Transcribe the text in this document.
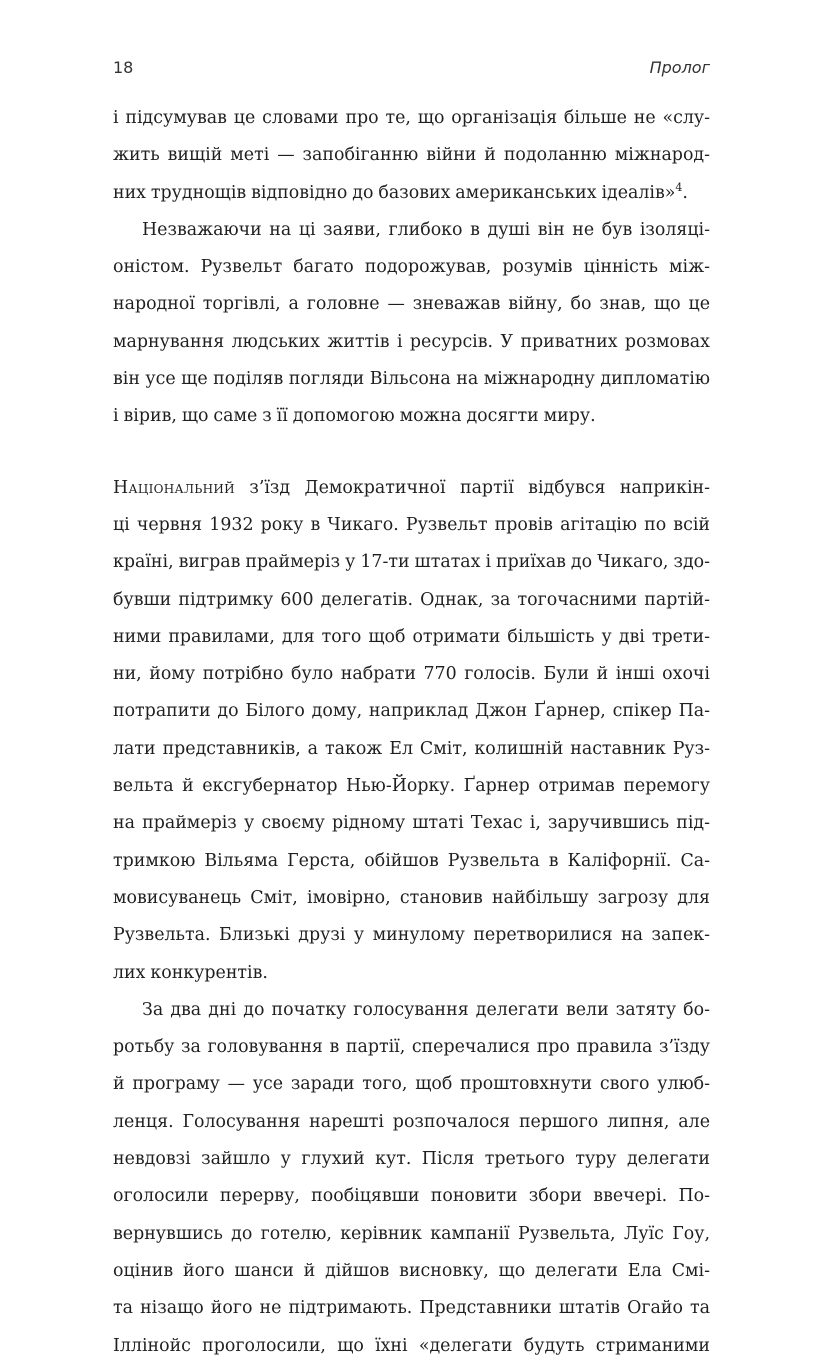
18	Пролог
і підсумував це словами про те, що організація більше не «слу-
жить вищій меті — запобіганню війни й подоланню міжнарод-
них труднощів відповідно до базових американських ідеалів»$^4$.
Незважаючи на ці заяви, глибоко в душі він не був ізоляці-
оністом. Рузвельт багато подорожував, розумів цінність між-
народної торгівлі, а головне — зневажав війну, бо знав, що це
марнування людських життів і ресурсів. У приватних розмовах
він усе ще поділяв погляди Вільсона на міжнародну дипломатію
і вірив, що саме з її допомогою можна досягти миру.
Національний з’їзд Демократичної партії відбувся наприкін-
ці червня 1932 року в Чикаго. Рузвельт провів агітацію по всій
країні, виграв праймеріз у 17-ти штатах і приїхав до Чикаго, здо-
бувши підтримку 600 делегатів. Однак, за тогочасними партій-
ними правилами, для того щоб отримати більшість у дві трети-
ни, йому потрібно було набрати 770 голосів. Були й інші охочі
потрапити до Білого дому, наприклад Джон Ґарнер, спікер Па-
лати представників, а також Ел Сміт, колишній наставник Руз-
вельта й ексгубернатор Нью-Йорку. Ґарнер отримав перемогу
на праймеріз у своєму рідному штаті Техас і, заручившись під-
тримкою Вільяма Герста, обійшов Рузвельта в Каліфорнії. Са-
мовисуванець Сміт, імовірно, становив найбільшу загрозу для
Рузвельта. Близькі друзі у минулому перетворилися на запек-
лих конкурентів.
За два дні до початку голосування делегати вели затяту бо-
ротьбу за головування в партії, сперечалися про правила з’їзду
й програму — усе заради того, щоб проштовхнути свого улюб-
ленця. Голосування нарешті розпочалося першого липня, але
невдовзі зайшло у глухий кут. Після третього туру делегати
оголосили перерву, пообіцявши поновити збори ввечері. По-
вернувшись до готелю, керівник кампанії Рузвельта, Луїс Гоу,
оцінив його шанси й дійшов висновку, що делегати Ела Смі-
та нізащо його не підтримають. Представники штатів Огайо та
Іллінойс проголосили, що їхні «делегати будуть стриманими
